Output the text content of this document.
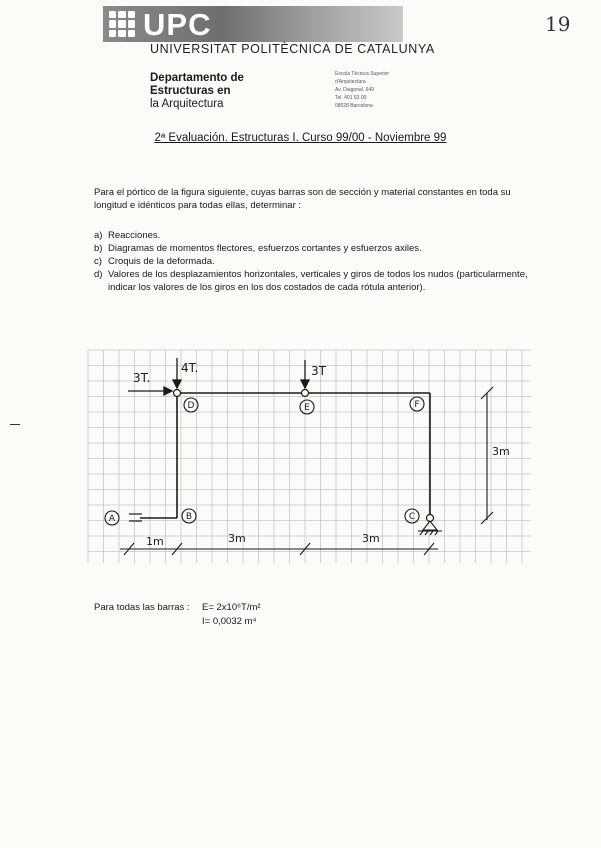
UPC
UNIVERSITAT POLITÈCNICA DE CATALUNYA
19
Departamento de
Estructuras en
la Arquitectura
Escola Tècnica Superior
d'Arquitectura
Av. Diagonal, 649
Tel. 401 63 00
08028 Barcelona
2ª Evaluación. Estructuras I. Curso 99/00 - Noviembre 99
Para el pórtico de la figura siguiente, cuyas barras son de sección y material constantes en toda su longitud e idénticos para todas ellas, determinar :
a) Reacciones.
b) Diagramas de momentos flectores, esfuerzos cortantes y esfuerzos axiles.
c) Croquis de la deformada.
d) Valores de los desplazamientos horizontales, verticales y giros de todos los nudos (particularmente, indicar los valores de los giros en los dos costados de cada rótula anterior).
A	B
D	E	F
C
3T.
4T.	3T
3m
1m	3m	3m
Para todas las barras :	E= 2x10⁶T/m²
I= 0,0032 m⁴
